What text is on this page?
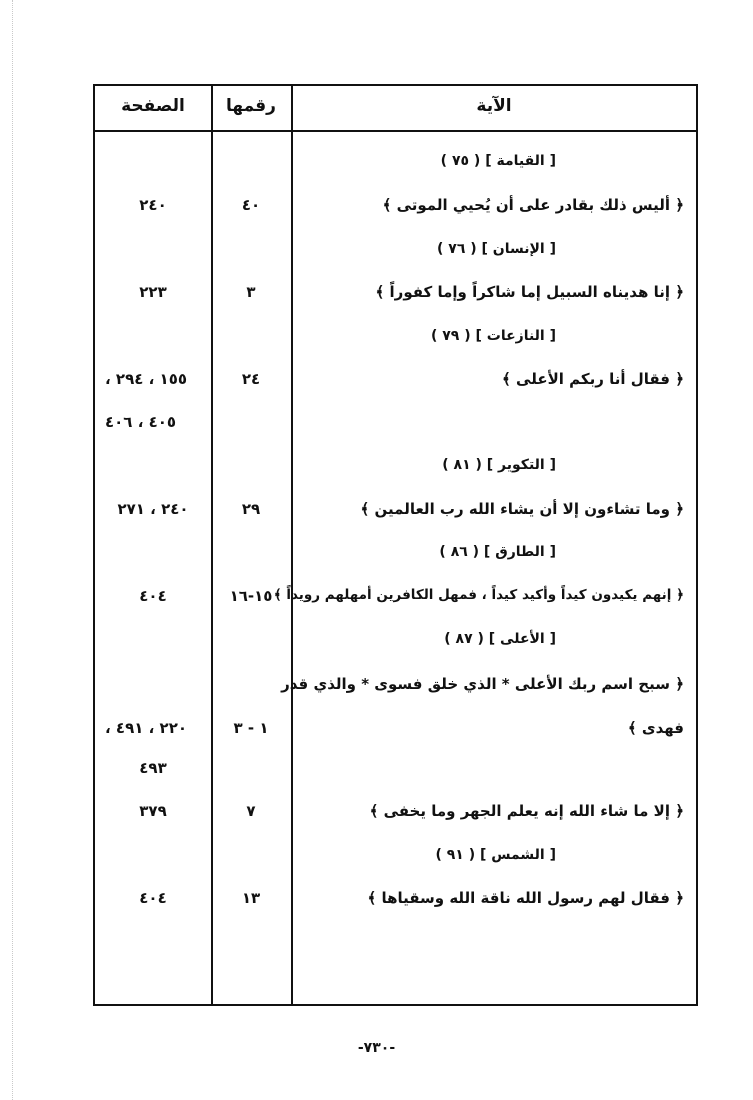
الآية
رقمها
الصفحة
[ القيامة ] ( ٧٥ )
﴿ أليس ذلك بقادر على أن يُحيي الموتى ﴾
٤٠
٢٤٠
[ الإنسان ] ( ٧٦ )
﴿ إنا هديناه السبيل إما شاكراً وإما كفوراً ﴾
٣
٢٢٣
[ النازعات ] ( ٧٩ )
﴿ فقال أنا ربكم الأعلى ﴾
٢٤
١٥٥ ، ٢٩٤ ،
٤٠٥ ، ٤٠٦
[ التكوير ] ( ٨١ )
﴿ وما تشاءون إلا أن يشاء الله رب العالمين ﴾
٢٩
٢٤٠ ، ٢٧١
[ الطارق ] ( ٨٦ )
﴿ إنهم يكيدون كيداً وأكيد كيداً ، فمهل الكافرين أمهلهم رويداً ﴾
١٥-١٦
٤٠٤
[ الأعلى ] ( ٨٧ )
﴿ سبح اسم ربك الأعلى * الذي خلق فسوى * والذي قدر
فهدى ﴾
١ - ٣
٢٢٠ ، ٤٩١ ،
٤٩٣
﴿ إلا ما شاء الله إنه يعلم الجهر وما يخفى ﴾
٧
٣٧٩
[ الشمس ] ( ٩١ )
﴿ فقال لهم رسول الله ناقة الله وسقياها ﴾
١٣
٤٠٤
-٧٣٠-
